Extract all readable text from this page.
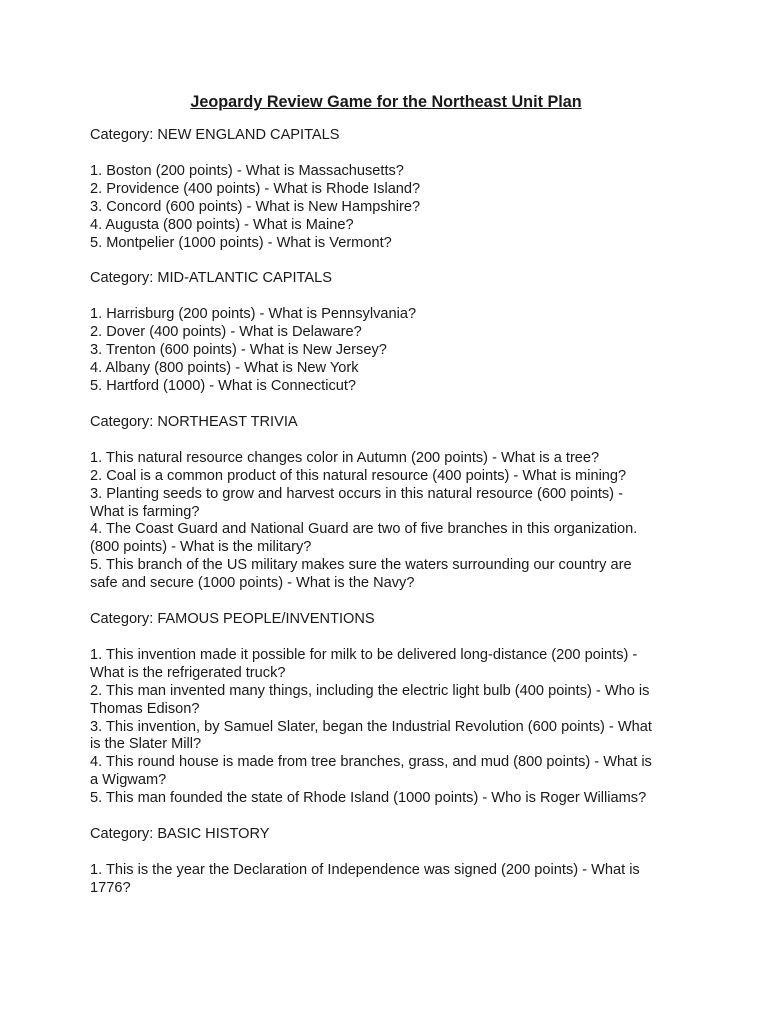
Jeopardy Review Game for the Northeast Unit Plan
Category: NEW ENGLAND CAPITALS
1. Boston (200 points) - What is Massachusetts?
2. Providence (400 points) - What is Rhode Island?
3. Concord (600 points) - What is New Hampshire?
4. Augusta (800 points) - What is Maine?
5. Montpelier (1000 points) - What is Vermont?
Category: MID-ATLANTIC CAPITALS
1. Harrisburg (200 points) - What is Pennsylvania?
2. Dover (400 points) - What is Delaware?
3. Trenton (600 points) - What is New Jersey?
4. Albany (800 points) - What is New York
5. Hartford (1000) - What is Connecticut?
Category: NORTHEAST TRIVIA
1. This natural resource changes color in Autumn (200 points) - What is a tree?
2. Coal is a common product of this natural resource (400 points) - What is mining?
3. Planting seeds to grow and harvest occurs in this natural resource (600 points) -
What is farming?
4. The Coast Guard and National Guard are two of five branches in this organization.
(800 points) - What is the military?
5. This branch of the US military makes sure the waters surrounding our country are
safe and secure (1000 points) - What is the Navy?
Category: FAMOUS PEOPLE/INVENTIONS
1. This invention made it possible for milk to be delivered long-distance (200 points) -
What is the refrigerated truck?
2. This man invented many things, including the electric light bulb (400 points) - Who is
Thomas Edison?
3. This invention, by Samuel Slater, began the Industrial Revolution (600 points) - What
is the Slater Mill?
4. This round house is made from tree branches, grass, and mud (800 points) - What is
a Wigwam?
5. This man founded the state of Rhode Island (1000 points) - Who is Roger Williams?
Category: BASIC HISTORY
1. This is the year the Declaration of Independence was signed (200 points) - What is
1776?
